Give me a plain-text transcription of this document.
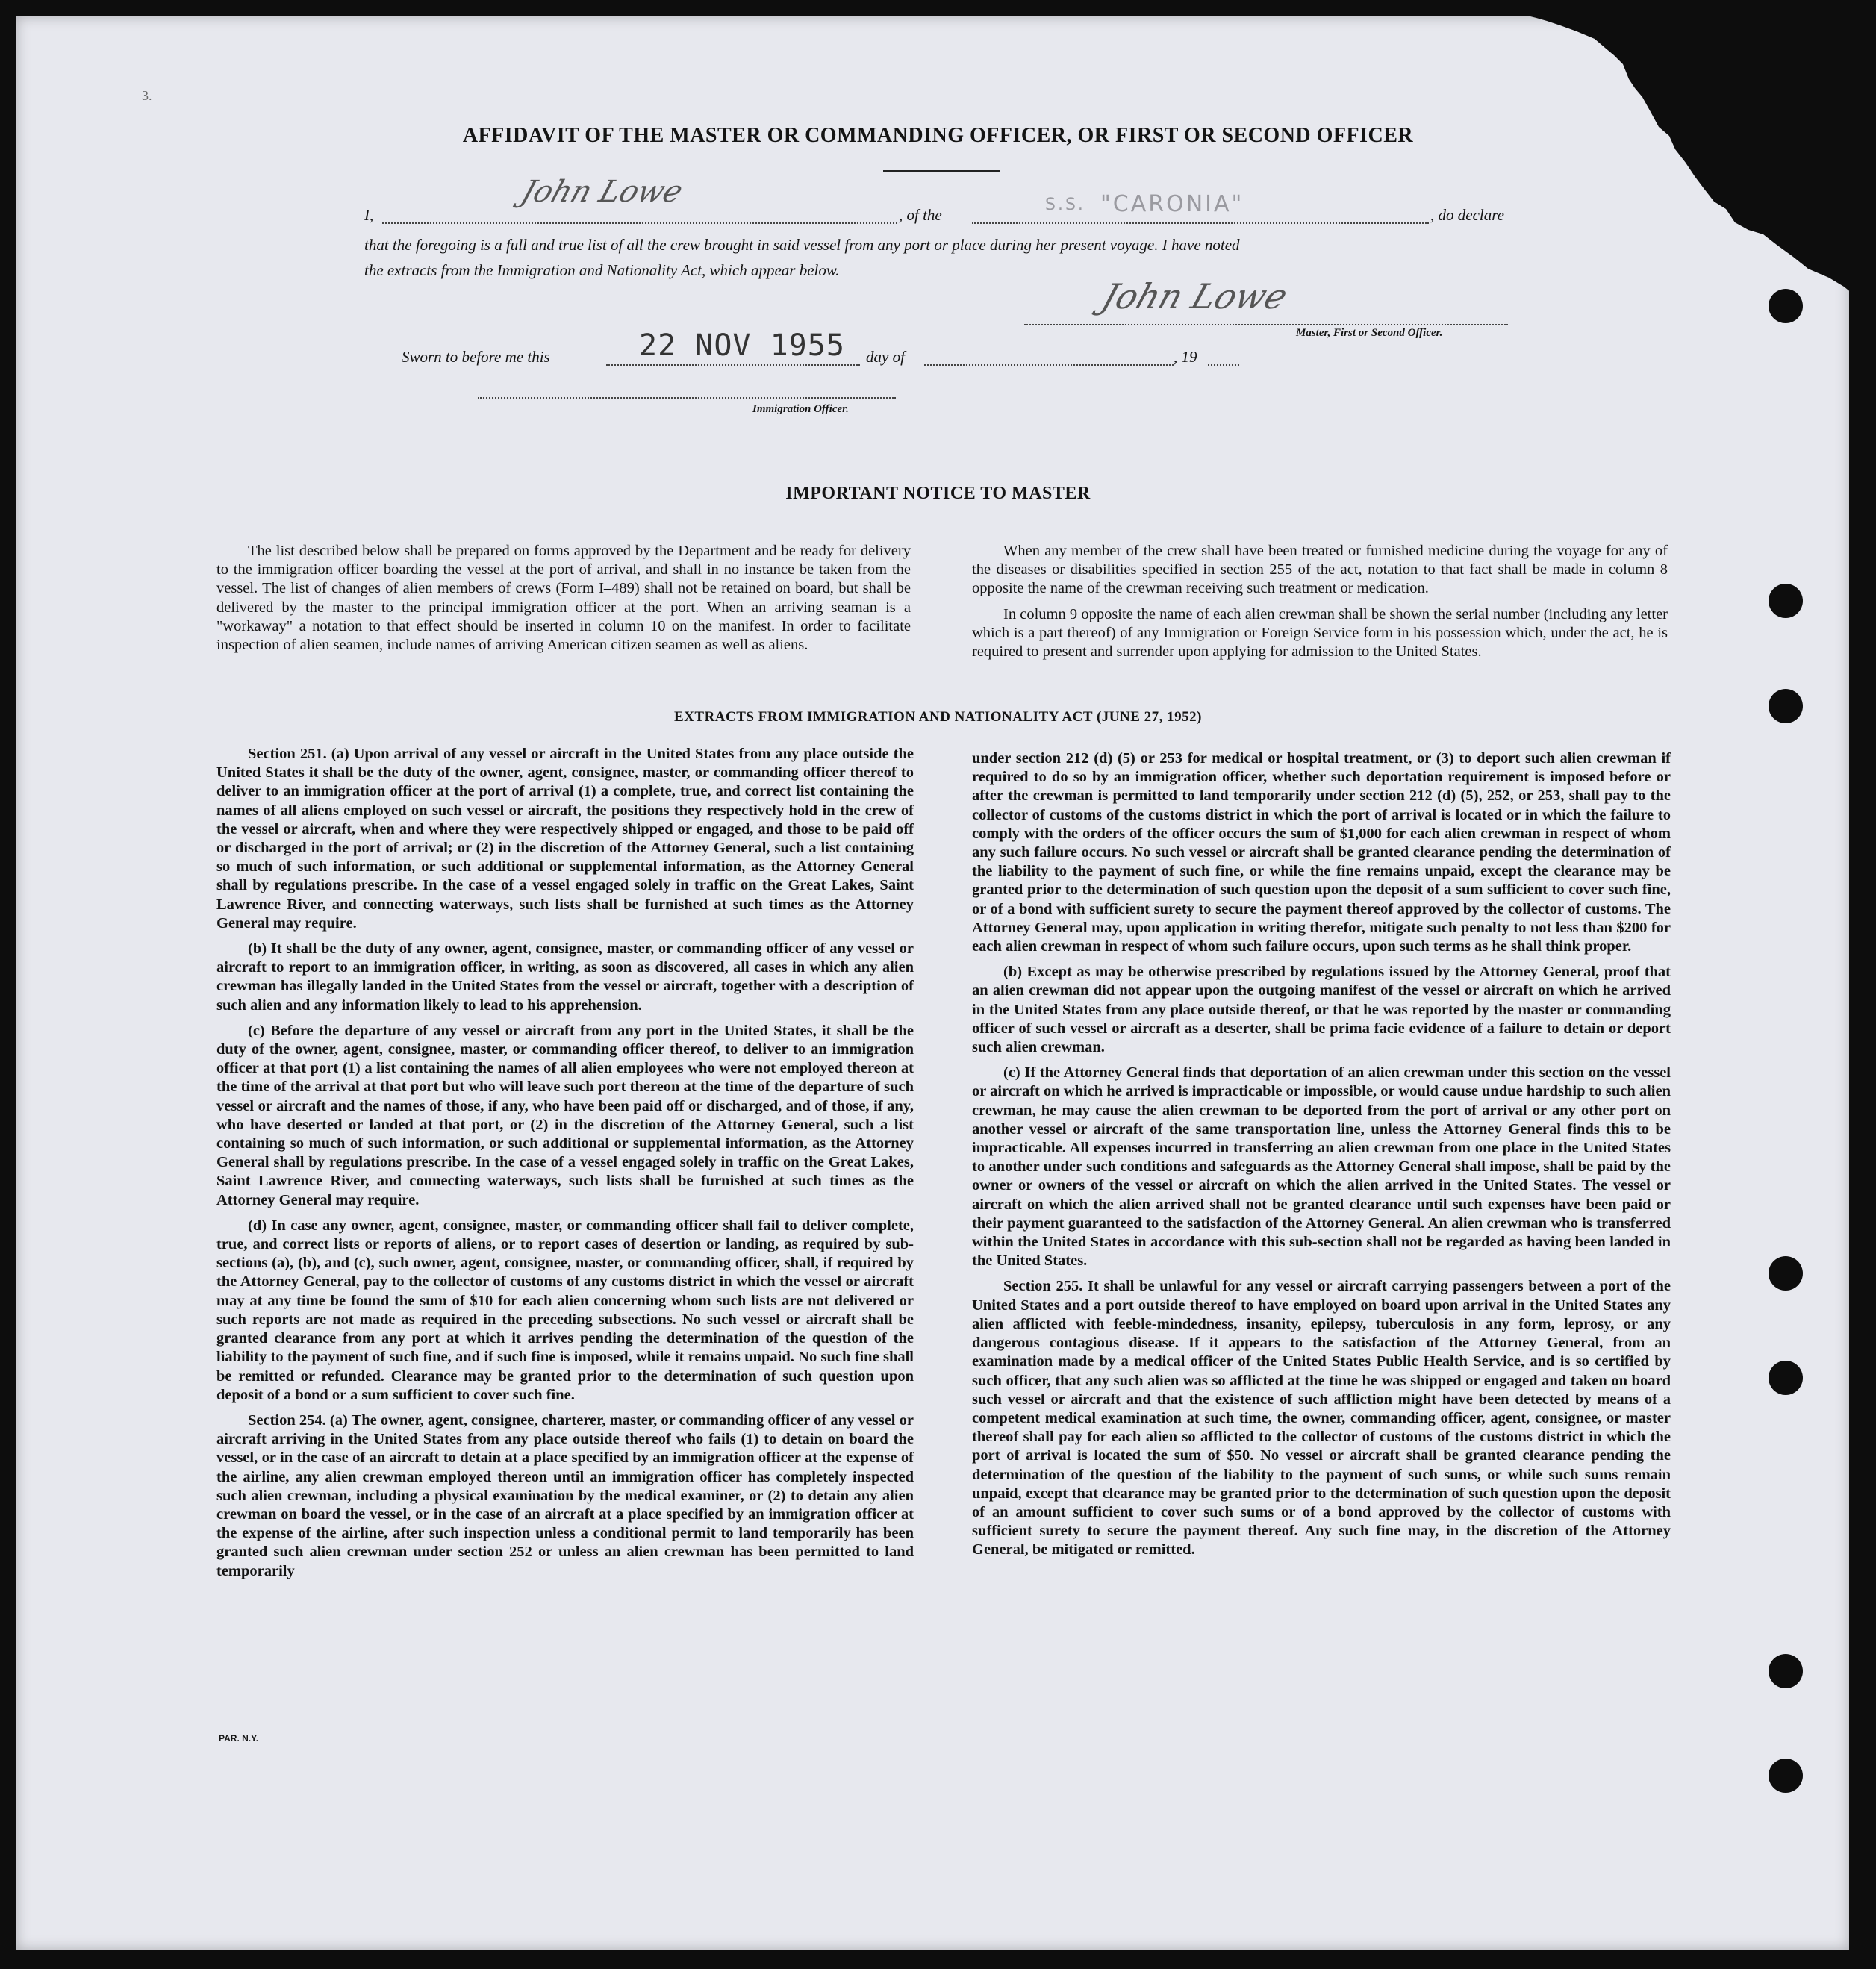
3.
AFFIDAVIT OF THE MASTER OR COMMANDING OFFICER, OR FIRST OR SECOND OFFICER
I,
John Lowe
, of the
S.S. "CARONIA"	, do declare
that the foregoing is a full and true list of all the crew brought in said vessel from any port or place during her present voyage. I have noted
the extracts from the Immigration and Nationality Act, which appear below.
John Lowe
Master, First or Second Officer.
Sworn to before me this	22 NOV 1955 day of	, 19
Immigration Officer.
IMPORTANT NOTICE TO MASTER

The list described below shall be prepared on forms approved by the Department and be ready for delivery to the immigration officer boarding the vessel at the port of arrival, and shall in no instance be taken from the vessel. The list of changes of alien members of crews (Form I–489) shall not be retained on board, but shall be delivered by the master to the principal immigration officer at the port. When an arriving seaman is a "workaway" a notation to that effect should be inserted in column 10 on the manifest. In order to facilitate inspection of alien seamen, include names of arriving American citizen seamen as well as aliens.

When any member of the crew shall have been treated or furnished medicine during the voyage for any of the diseases or disabilities specified in section 255 of the act, notation to that fact shall be made in column 8 opposite the name of the crewman receiving such treatment or medication.

In column 9 opposite the name of each alien crewman shall be shown the serial number (including any letter which is a part thereof) of any Immigration or Foreign Service form in his possession which, under the act, he is required to present and surrender upon applying for admission to the United States.

EXTRACTS FROM IMMIGRATION AND NATIONALITY ACT (JUNE 27, 1952)

Section 251. (a) Upon arrival of any vessel or aircraft in the United States from any place outside the United States it shall be the duty of the owner, agent, consignee, master, or commanding officer thereof to deliver to an immigration officer at the port of arrival (1) a complete, true, and correct list containing the names of all aliens employed on such vessel or aircraft, the positions they respectively hold in the crew of the vessel or aircraft, when and where they were respectively shipped or engaged, and those to be paid off or discharged in the port of arrival; or (2) in the discretion of the Attorney General, such a list containing so much of such information, or such additional or supplemental information, as the Attorney General shall by regulations prescribe. In the case of a vessel engaged solely in traffic on the Great Lakes, Saint Lawrence River, and connecting waterways, such lists shall be furnished at such times as the Attorney General may require.

(b) It shall be the duty of any owner, agent, consignee, master, or commanding officer of any vessel or aircraft to report to an immigration officer, in writing, as soon as discovered, all cases in which any alien crewman has illegally landed in the United States from the vessel or aircraft, together with a description of such alien and any information likely to lead to his apprehension.

(c) Before the departure of any vessel or aircraft from any port in the United States, it shall be the duty of the owner, agent, consignee, master, or commanding officer thereof, to deliver to an immigration officer at that port (1) a list containing the names of all alien employees who were not employed thereon at the time of the arrival at that port but who will leave such port thereon at the time of the departure of such vessel or aircraft and the names of those, if any, who have been paid off or discharged, and of those, if any, who have deserted or landed at that port, or (2) in the discretion of the Attorney General, such a list containing so much of such information, or such additional or supplemental information, as the Attorney General shall by regulations prescribe. In the case of a vessel engaged solely in traffic on the Great Lakes, Saint Lawrence River, and connecting waterways, such lists shall be furnished at such times as the Attorney General may require.

(d) In case any owner, agent, consignee, master, or commanding officer shall fail to deliver complete, true, and correct lists or reports of aliens, or to report cases of desertion or landing, as required by sub-sections (a), (b), and (c), such owner, agent, consignee, master, or commanding officer, shall, if required by the Attorney General, pay to the collector of customs of any customs district in which the vessel or aircraft may at any time be found the sum of $10 for each alien concerning whom such lists are not delivered or such reports are not made as required in the preceding subsections. No such vessel or aircraft shall be granted clearance from any port at which it arrives pending the determination of the question of the liability to the payment of such fine, and if such fine is imposed, while it remains unpaid. No such fine shall be remitted or refunded. Clearance may be granted prior to the determination of such question upon deposit of a bond or a sum sufficient to cover such fine.

Section 254. (a) The owner, agent, consignee, charterer, master, or commanding officer of any vessel or aircraft arriving in the United States from any place outside thereof who fails (1) to detain on board the vessel, or in the case of an aircraft to detain at a place specified by an immigration officer at the expense of the airline, any alien crewman employed thereon until an immigration officer has completely inspected such alien crewman, including a physical examination by the medical examiner, or (2) to detain any alien crewman on board the vessel, or in the case of an aircraft at a place specified by an immigration officer at the expense of the airline, after such inspection unless a conditional permit to land temporarily has been granted such alien crewman under section 252 or unless an alien crewman has been permitted to land temporarily

under section 212 (d) (5) or 253 for medical or hospital treatment, or (3) to deport such alien crewman if required to do so by an immigration officer, whether such deportation requirement is imposed before or after the crewman is permitted to land temporarily under section 212 (d) (5), 252, or 253, shall pay to the collector of customs of the customs district in which the port of arrival is located or in which the failure to comply with the orders of the officer occurs the sum of $1,000 for each alien crewman in respect of whom any such failure occurs. No such vessel or aircraft shall be granted clearance pending the determination of the liability to the payment of such fine, or while the fine remains unpaid, except the clearance may be granted prior to the determination of such question upon the deposit of a sum sufficient to cover such fine, or of a bond with sufficient surety to secure the payment thereof approved by the collector of customs. The Attorney General may, upon application in writing therefor, mitigate such penalty to not less than $200 for each alien crewman in respect of whom such failure occurs, upon such terms as he shall think proper.

(b) Except as may be otherwise prescribed by regulations issued by the Attorney General, proof that an alien crewman did not appear upon the outgoing manifest of the vessel or aircraft on which he arrived in the United States from any place outside thereof, or that he was reported by the master or commanding officer of such vessel or aircraft as a deserter, shall be prima facie evidence of a failure to detain or deport such alien crewman.

(c) If the Attorney General finds that deportation of an alien crewman under this section on the vessel or aircraft on which he arrived is impracticable or impossible, or would cause undue hardship to such alien crewman, he may cause the alien crewman to be deported from the port of arrival or any other port on another vessel or aircraft of the same transportation line, unless the Attorney General finds this to be impracticable. All expenses incurred in transferring an alien crewman from one place in the United States to another under such conditions and safeguards as the Attorney General shall impose, shall be paid by the owner or owners of the vessel or aircraft on which the alien arrived in the United States. The vessel or aircraft on which the alien arrived shall not be granted clearance until such expenses have been paid or their payment guaranteed to the satisfaction of the Attorney General. An alien crewman who is transferred within the United States in accordance with this sub-section shall not be regarded as having been landed in the United States.

Section 255. It shall be unlawful for any vessel or aircraft carrying passengers between a port of the United States and a port outside thereof to have employed on board upon arrival in the United States any alien afflicted with feeble-mindedness, insanity, epilepsy, tuberculosis in any form, leprosy, or any dangerous contagious disease. If it appears to the satisfaction of the Attorney General, from an examination made by a medical officer of the United States Public Health Service, and is so certified by such officer, that any such alien was so afflicted at the time he was shipped or engaged and taken on board such vessel or aircraft and that the existence of such affliction might have been detected by means of a competent medical examination at such time, the owner, commanding officer, agent, consignee, or master thereof shall pay for each alien so afflicted to the collector of customs of the customs district in which the port of arrival is located the sum of $50. No vessel or aircraft shall be granted clearance pending the determination of the question of the liability to the payment of such sums, or while such sums remain unpaid, except that clearance may be granted prior to the determination of such question upon the deposit of an amount sufficient to cover such sums or of a bond approved by the collector of customs with sufficient surety to secure the payment thereof. Any such fine may, in the discretion of the Attorney General, be mitigated or remitted.

PAR. N.Y.
